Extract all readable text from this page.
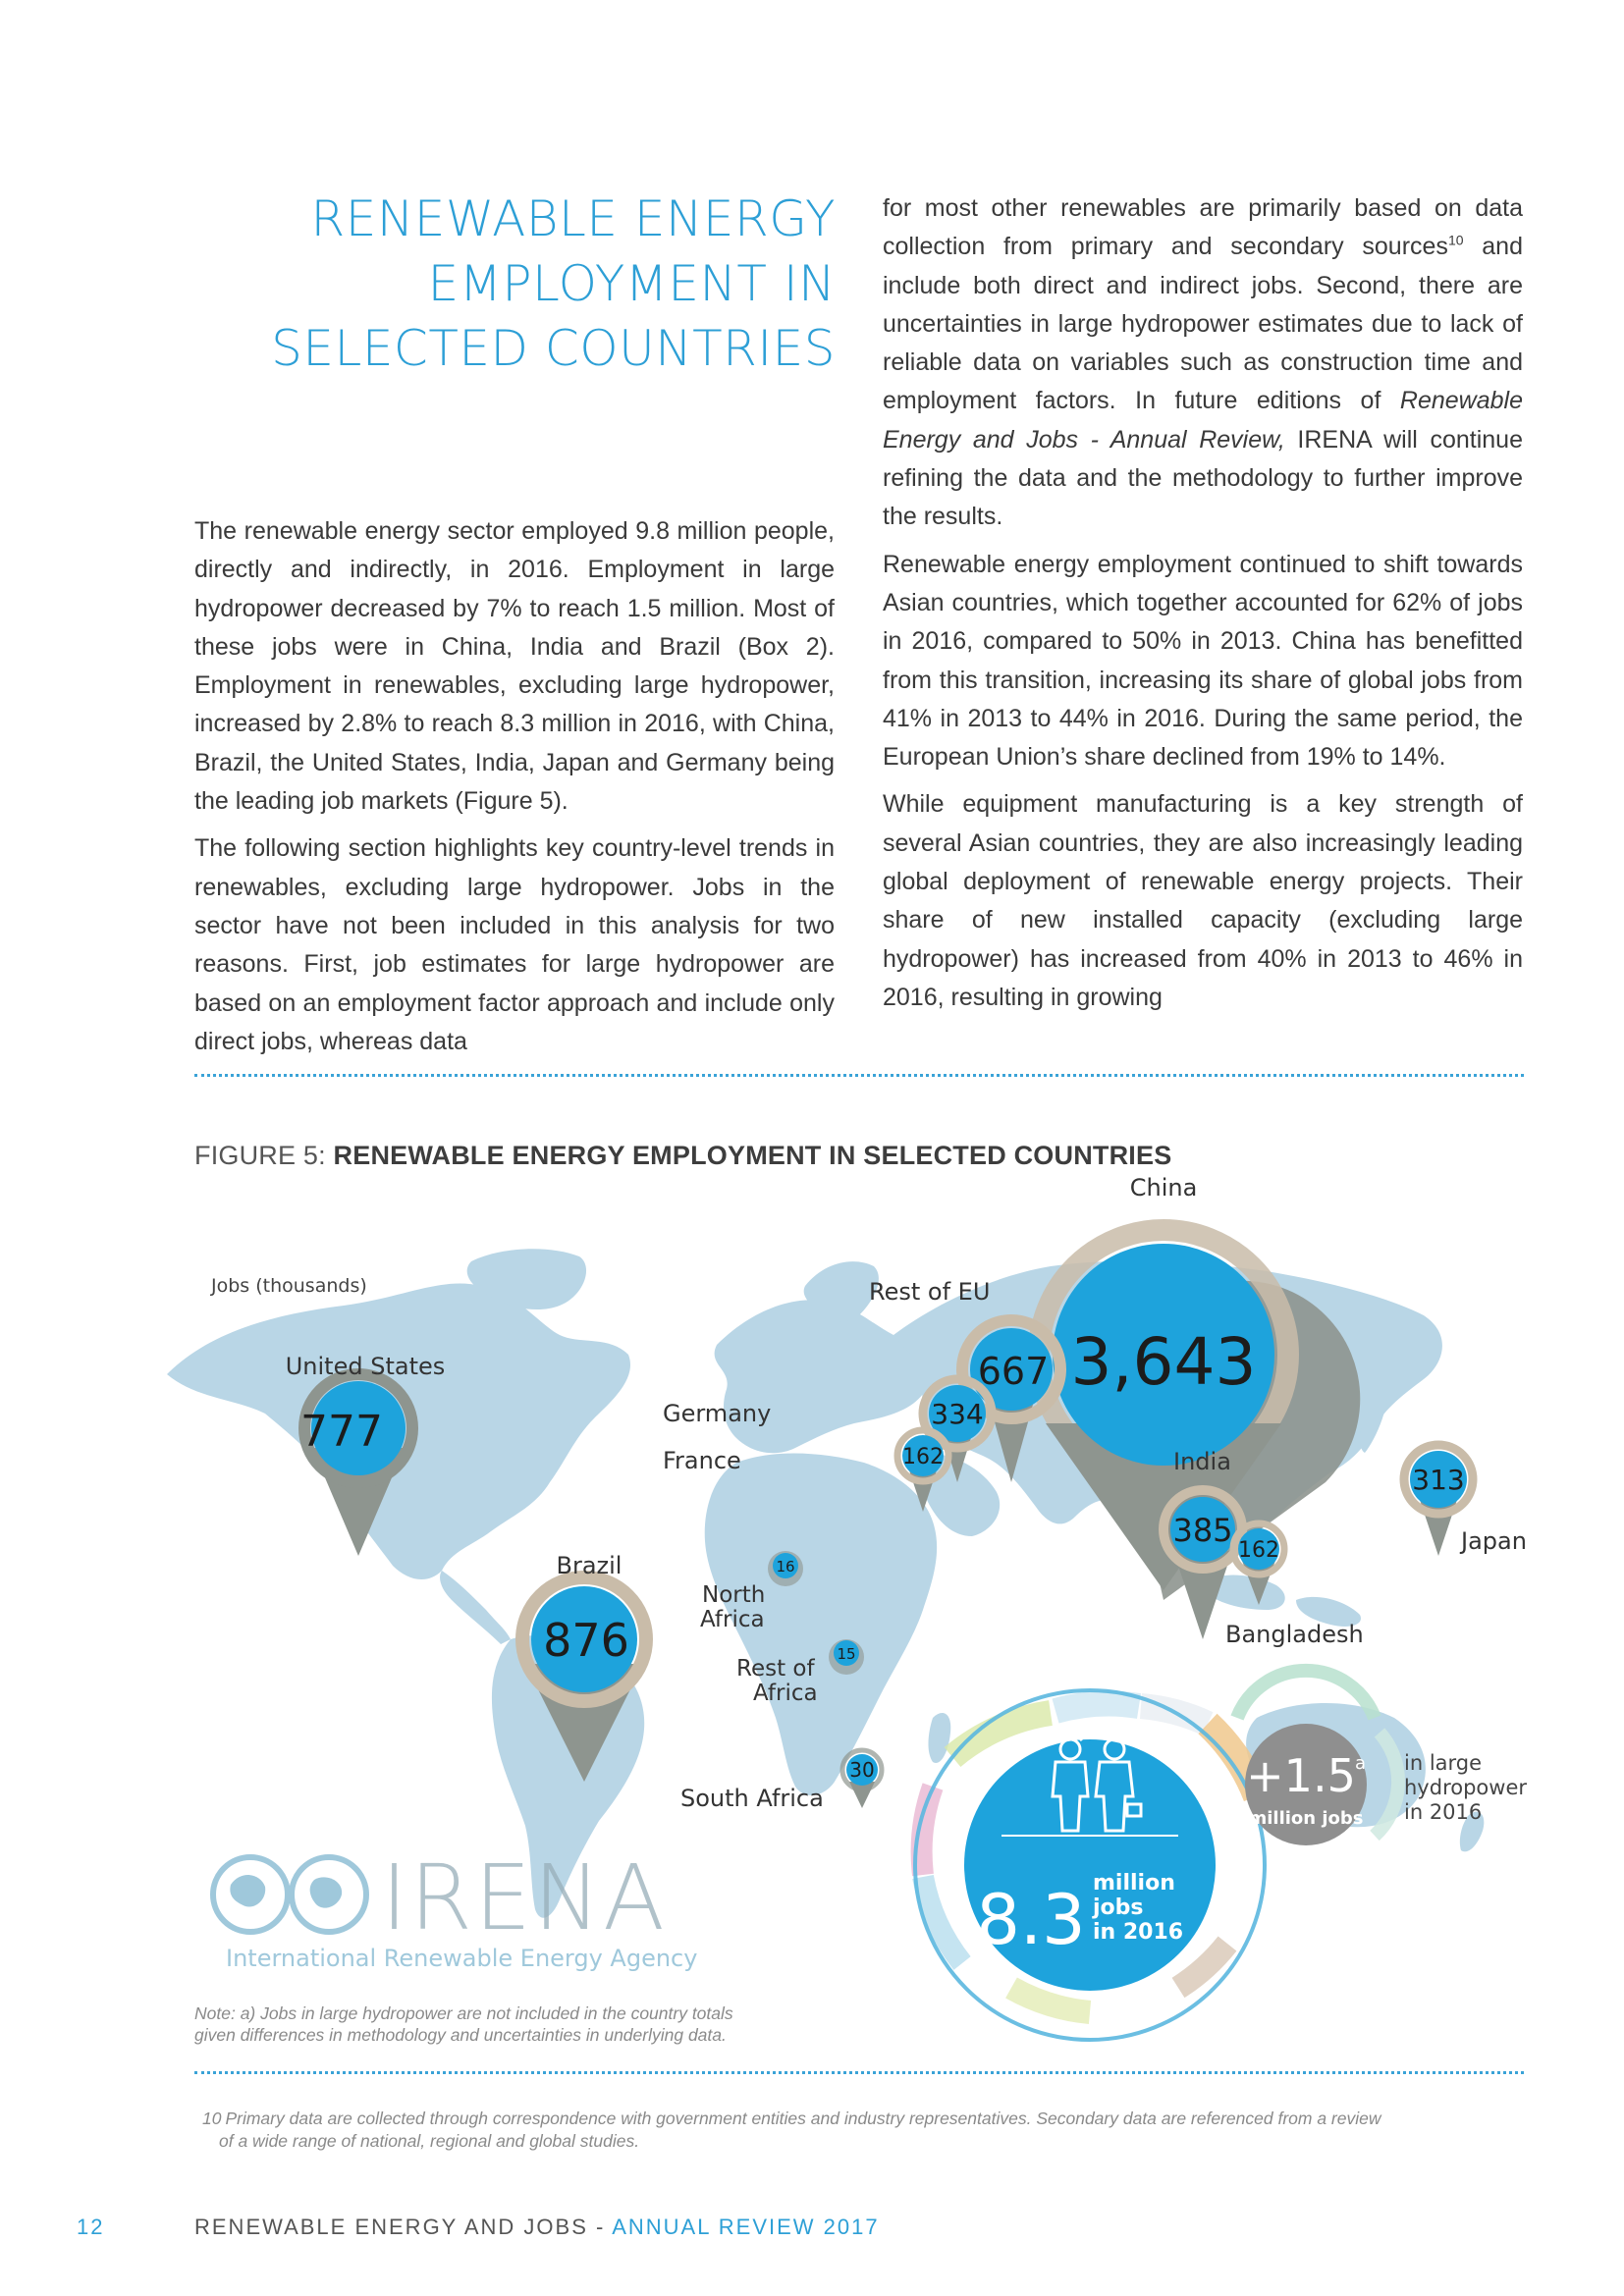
RENEWABLE ENERGY
EMPLOYMENT IN
SELECTED COUNTRIES

The renewable energy sector employed 9.8 million people, directly and indirectly, in 2016. Employment in large hydropower decreased by 7% to reach 1.5 million. Most of these jobs were in China, India and Brazil (Box 2). Employment in renewables, excluding large hydropower, increased by 2.8% to reach 8.3 million in 2016, with China, Brazil, the United States, India, Japan and Germany being the leading job markets (Figure 5).

The following section highlights key country-level trends in renewables, excluding large hydropower. Jobs in the sector have not been included in this analysis for two reasons. First, job estimates for large hydropower are based on an employment factor approach and include only direct jobs, whereas data

for most other renewables are primarily based on data collection from primary and secondary sources$^{10}$ and include both direct and indirect jobs. Second, there are uncertainties in large hydropower estimates due to lack of reliable data on variables such as construction time and employment factors. In future editions of Renewable Energy and Jobs - Annual Review, IRENA will continue refining the data and the methodology to further improve the results.

Renewable energy employment continued to shift towards Asian countries, which together accounted for 62% of jobs in 2016, compared to 50% in 2013. China has benefitted from this transition, increasing its share of global jobs from 41% in 2013 to 44% in 2016. During the same period, the European Union’s share declined from 19% to 14%.

While equipment manufacturing is a key strength of several Asian countries, they are also increasingly leading global deployment of renewable energy projects. Their share of new installed capacity (excluding large hydropower) has increased from 40% in 2013 to 46% in 2016, resulting in growing

FIGURE 5: RENEWABLE ENERGY EMPLOYMENT IN SELECTED COUNTRIES
Jobs (thousands)
3,643
China
777
United States
876
Brazil
667
Rest of EU
334
Germany
162
France
385
India
162
Bangladesh
313
Japan
16
North
Africa
15
Rest of
Africa
30
South Africa
8.3 million
jobs
in 2016
+1.5 a
million jobs
in large
hydropower
in 2016
IRENA
International Renewable Energy Agency
Note: a) Jobs in large hydropower are not included in the country totals
given differences in methodology and uncertainties in underlying data.
10 Primary data are collected through correspondence with government entities and industry representatives. Secondary data are referenced from a review
of a wide range of national, regional and global studies.
12	RENEWABLE ENERGY AND JOBS - ANNUAL REVIEW 2017
